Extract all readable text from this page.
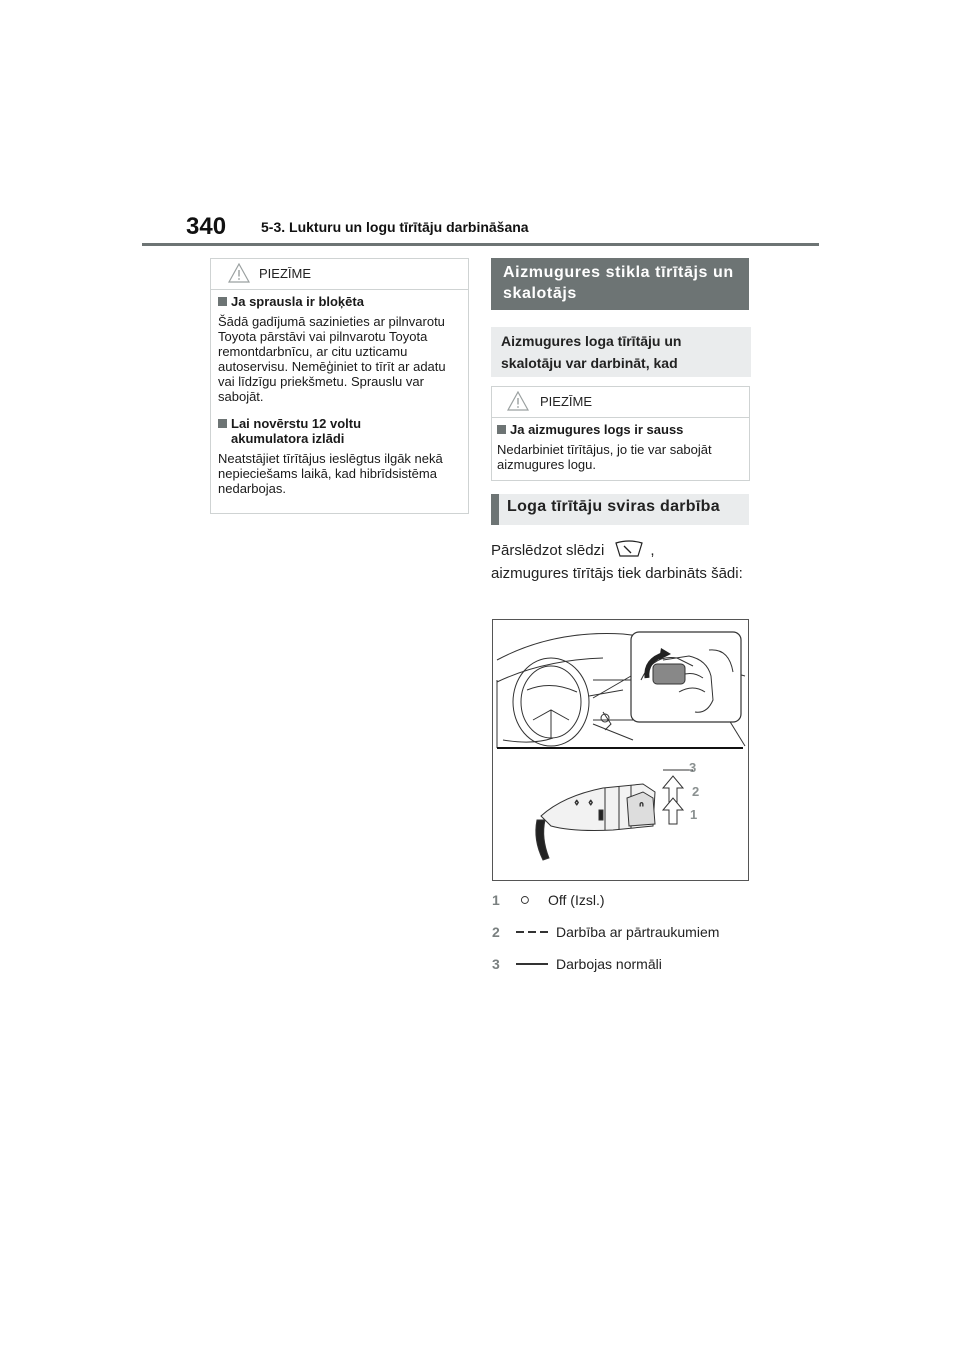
340 5-3. Lukturu un logu tīrītāju darbināšana
PIEZĪME
Ja sprausla ir bloķēta

Šādā gadījumā sazinieties ar pilnvarotu Toyota pārstāvi vai pilnvarotu Toyota remontdarbnīcu, ar citu uzticamu autoservisu. Nemēģiniet to tīrīt ar adatu vai līdzīgu priekšmetu. Sprauslu var sabojāt.

Lai novērstu 12 voltu akumulatora izlādi

Neatstājiet tīrītājus ieslēgtus ilgāk nekā nepieciešams laikā, kad hibrīdsistēma nedarbojas.

Aizmugures stikla tīrītājs un skalotājs
Aizmugures loga tīrītāju un skalotāju var darbināt, kad
PIEZĪME
Ja aizmugures logs ir sauss

Nedarbiniet tīrītājus, jo tie var sabojāt aizmugures logu.

Loga tīrītāju sviras darbība
Pārslēdzot slēdzi	,
aizmugures tīrītājs tiek darbināts šādi:
∩
◊ ◊
3
2
1
1	Off (Izsl.)
2	Darbība ar pārtraukumiem
3	Darbojas normāli
